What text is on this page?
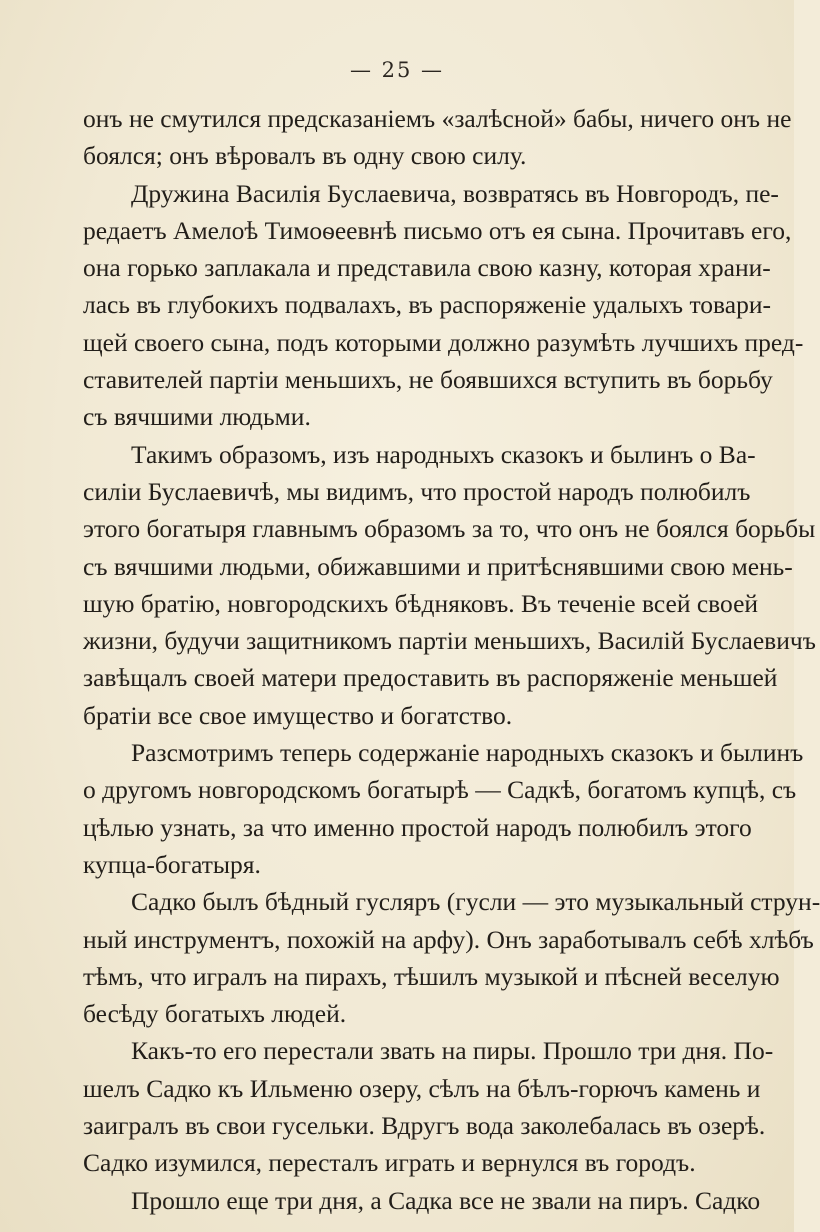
— 25 —
онъ не смутился предсказаніемъ «залѣсной» бабы, ничего онъ не
боялся; онъ вѣровалъ въ одну свою силу.
Дружина Василія Буслаевича, возвратясь въ Новгородъ, пе-
редаетъ Амелоѣ Тимоѳеевнѣ письмо отъ ея сына. Прочитавъ его,
она горько заплакала и представила свою казну, которая храни-
лась въ глубокихъ подвалахъ, въ распоряженіе удалыхъ товари-
щей своего сына, подъ которыми должно разумѣть лучшихъ пред-
ставителей партіи меньшихъ, не боявшихся вступить въ борьбу
съ вячшими людьми.
Такимъ образомъ, изъ народныхъ сказокъ и былинъ о Ва-
силіи Буслаевичѣ, мы видимъ, что простой народъ полюбилъ
этого богатыря главнымъ образомъ за то, что онъ не боялся борьбы
съ вячшими людьми, обижавшими и притѣснявшими свою мень-
шую братію, новгородскихъ бѣдняковъ. Въ теченіе всей своей
жизни, будучи защитникомъ партіи меньшихъ, Василій Буслаевичъ
завѣщалъ своей матери предоставить въ распоряженіе меньшей
братіи все свое имущество и богатство.
Разсмотримъ теперь содержаніе народныхъ сказокъ и былинъ
о другомъ новгородскомъ богатырѣ — Садкѣ, богатомъ купцѣ, съ
цѣлью узнать, за что именно простой народъ полюбилъ этого
купца-богатыря.
Садко былъ бѣдный гусляръ (гусли — это музыкальный струн-
ный инструментъ, похожій на арфу). Онъ заработывалъ себѣ хлѣбъ
тѣмъ, что игралъ на пирахъ, тѣшилъ музыкой и пѣсней веселую
бесѣду богатыхъ людей.
Какъ-то его перестали звать на пиры. Прошло три дня. По-
шелъ Садко къ Ильменю озеру, сѣлъ на бѣлъ-горючъ камень и
заигралъ въ свои гусельки. Вдругъ вода заколебалась въ озерѣ.
Садко изумился, пересталъ играть и вернулся въ городъ.
Прошло еще три дня, а Садка все не звали на пиръ. Садко
